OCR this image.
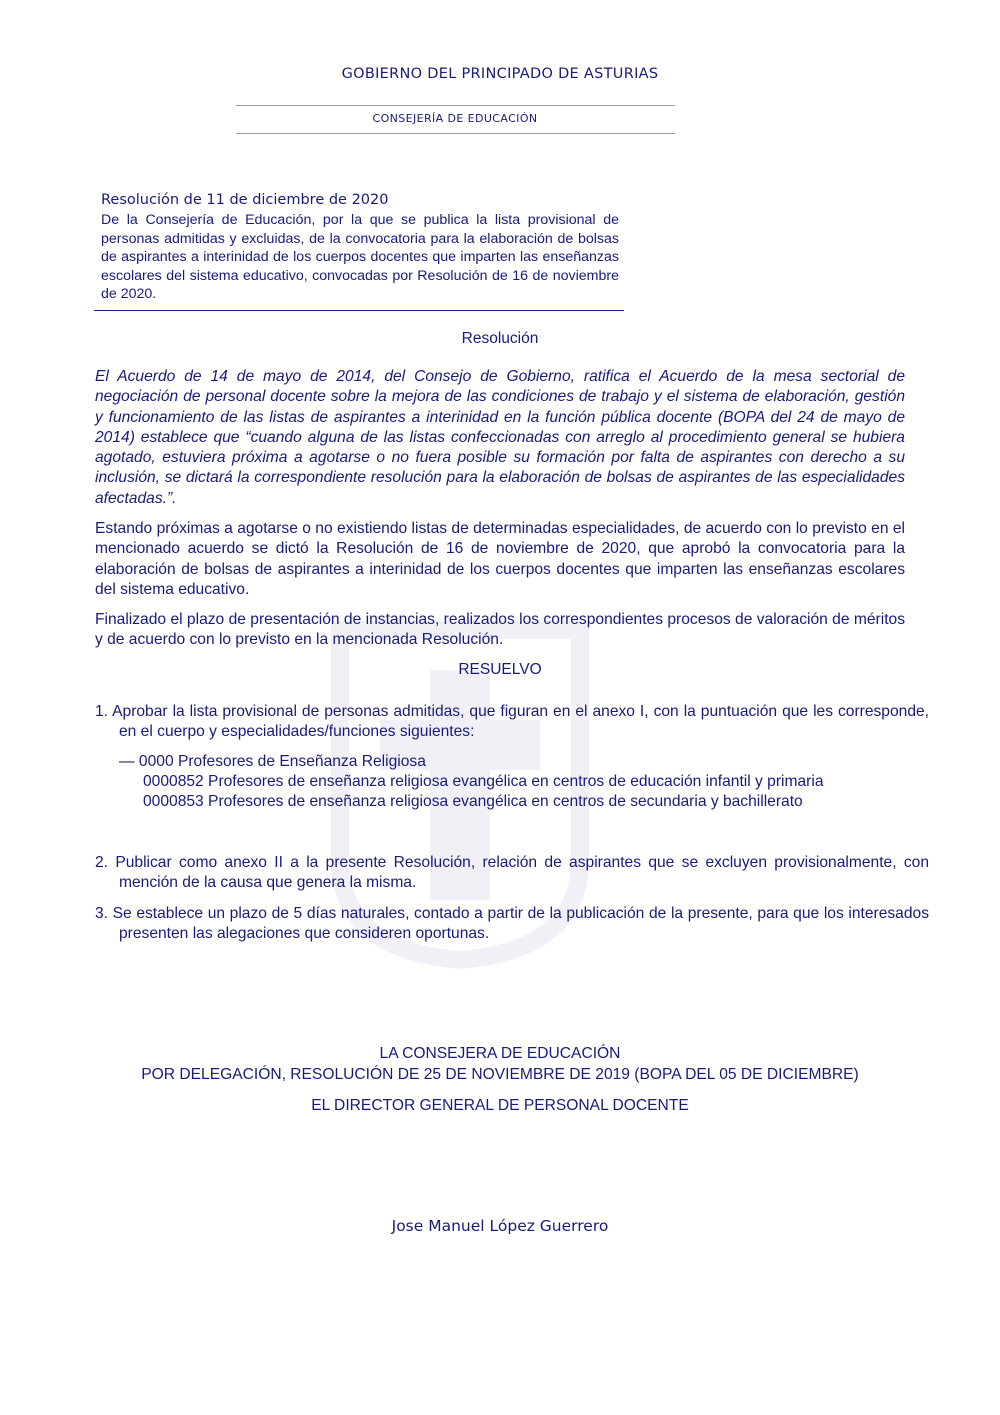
GOBIERNO DEL PRINCIPADO DE ASTURIAS
CONSEJERÍA DE EDUCACIÓN

Resolución de 11 de diciembre de 2020

De la Consejería de Educación, por la que se publica la lista provisional de personas admitidas y excluidas, de la convocatoria para la elaboración de bolsas de aspirantes a interinidad de los cuerpos docentes que imparten las enseñanzas escolares del sistema educativo, convocadas por Resolución de 16 de noviembre de 2020.

Resolución

El Acuerdo de 14 de mayo de 2014, del Consejo de Gobierno, ratifica el Acuerdo de la mesa sectorial de negociación de personal docente sobre la mejora de las condiciones de trabajo y el sistema de elaboración, gestión y funcionamiento de las listas de aspirantes a interinidad en la función pública docente (BOPA del 24 de mayo de 2014) establece que “cuando alguna de las listas confeccionadas con arreglo al procedimiento general se hubiera agotado, estuviera próxima a agotarse o no fuera posible su formación por falta de aspirantes con derecho a su inclusión, se dictará la correspondiente resolución para la elaboración de bolsas de aspirantes de las especialidades afectadas.”.

Estando próximas a agotarse o no existiendo listas de determinadas especialidades, de acuerdo con lo previsto en el mencionado acuerdo se dictó la Resolución de 16 de noviembre de 2020, que aprobó la convocatoria para la elaboración de bolsas de aspirantes a interinidad de los cuerpos docentes que imparten las enseñanzas escolares del sistema educativo.

Finalizado el plazo de presentación de instancias, realizados los correspondientes procesos de valoración de méritos y de acuerdo con lo previsto en la mencionada Resolución.

RESUELVO
1. Aprobar la lista provisional de personas admitidas, que figuran en el anexo I, con la puntuación que les corresponde, en el cuerpo y especialidades/funciones siguientes:
— 0000 Profesores de Enseñanza Religiosa
0000852 Profesores de enseñanza religiosa evangélica en centros de educación infantil y primaria
0000853 Profesores de enseñanza religiosa evangélica en centros de secundaria y bachillerato
2. Publicar como anexo II a la presente Resolución, relación de aspirantes que se excluyen provisionalmente, con mención de la causa que genera la misma.
3. Se establece un plazo de 5 días naturales, contado a partir de la publicación de la presente, para que los interesados presenten las alegaciones que consideren oportunas.
LA CONSEJERA DE EDUCACIÓN
POR DELEGACIÓN, RESOLUCIÓN DE 25 DE NOVIEMBRE DE 2019 (BOPA DEL 05 DE DICIEMBRE)
EL DIRECTOR GENERAL DE PERSONAL DOCENTE
Jose Manuel López Guerrero
